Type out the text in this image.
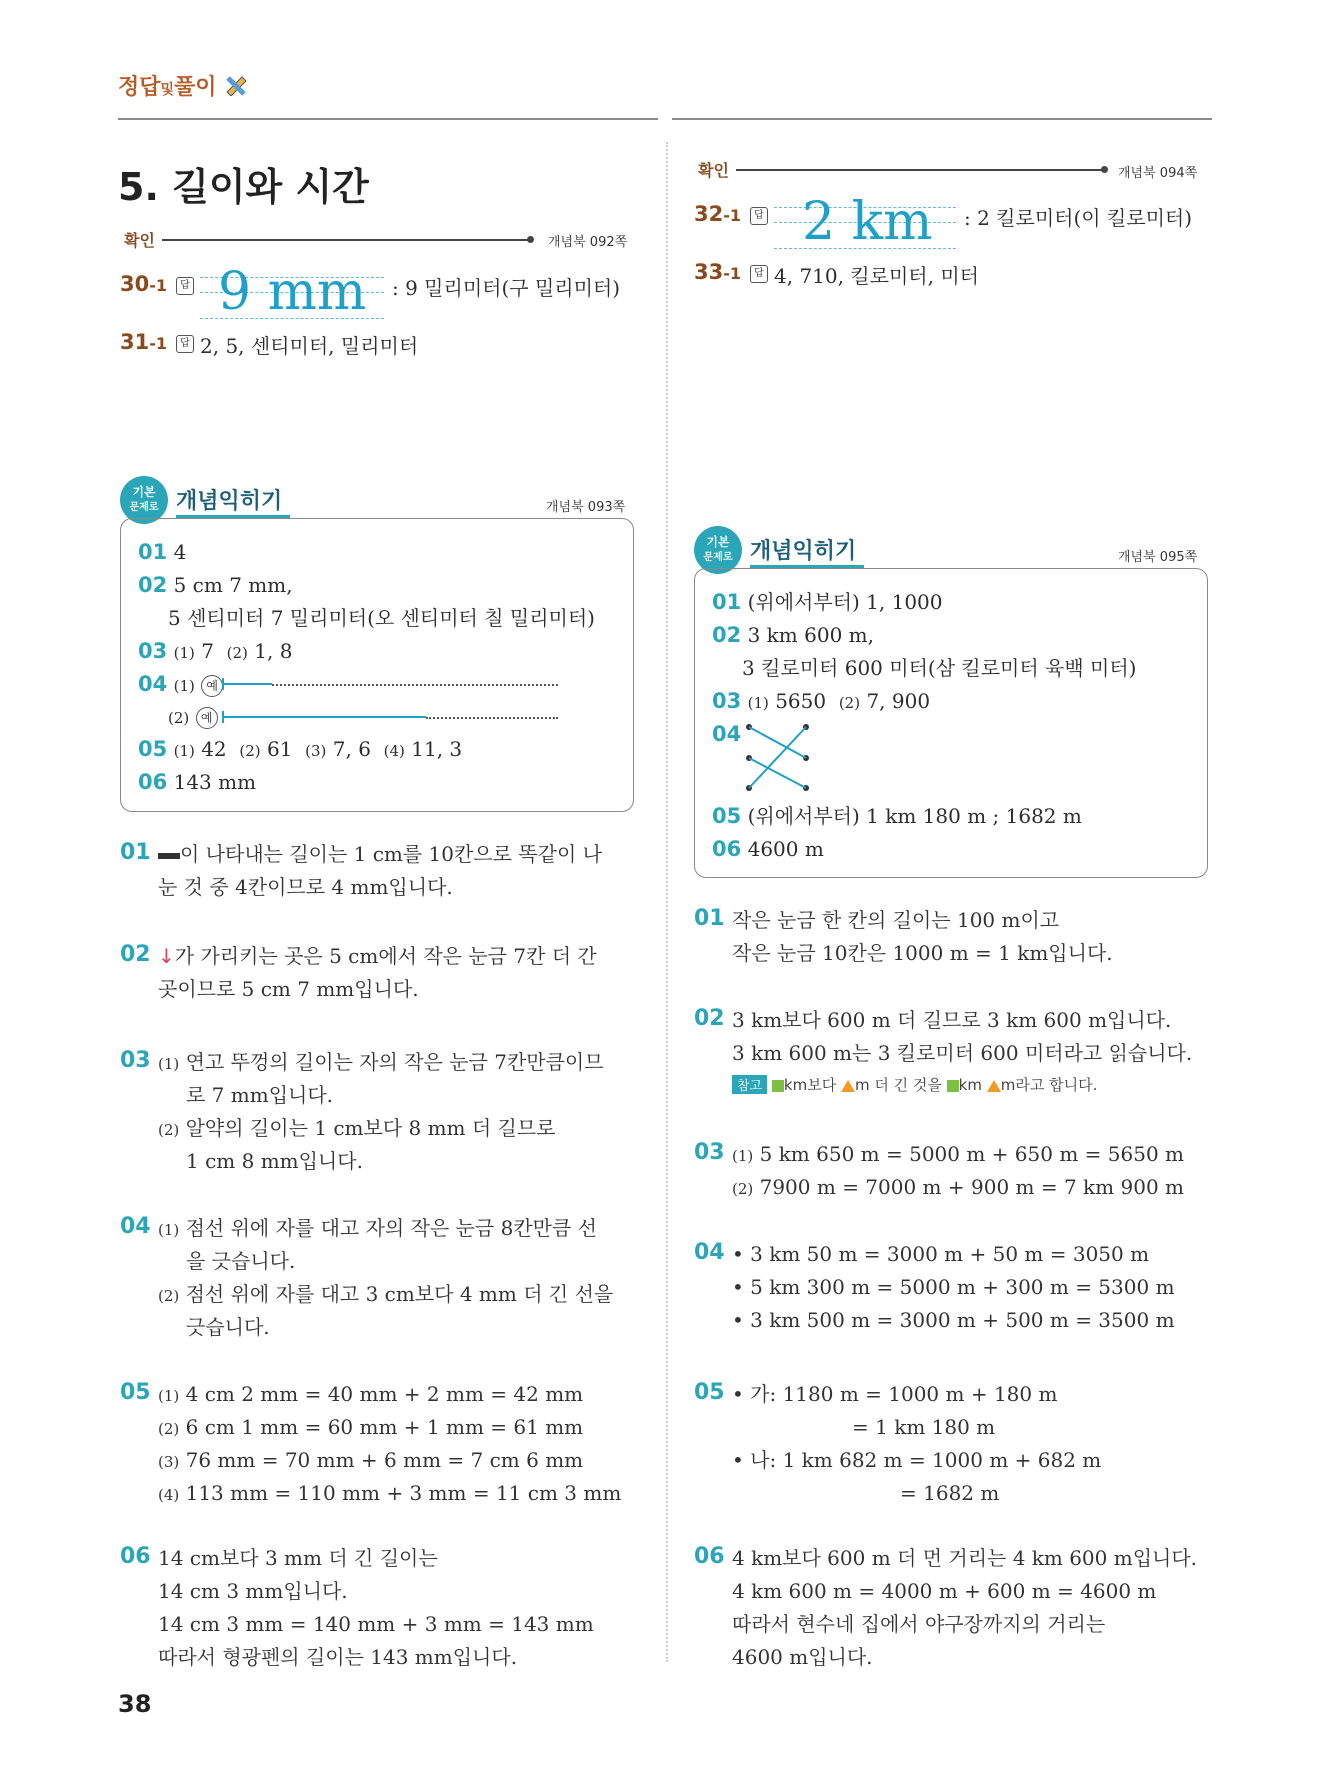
정답및풀이
5. 길이와 시간
확인	개념북 092쪽
30-1	답 9 mm : 9 밀리미터(구 밀리미터)
31-1	답 2, 5, 센티미터, 밀리미터
기본
문제로 개념익히기	개념북 093쪽
01 4
02 5 cm 7 mm,
5 센티미터 7 밀리미터(오 센티미터 칠 밀리미터)
03 (1) 7 (2) 1, 8
04 (1) 예
(2) 예
05 (1) 42 (2) 61 (3) 7, 6 (4) 11, 3
06 143 mm
01	이 나타내는 길이는 1 cm를 10칸으로 똑같이 나
눈 것 중 4칸이므로 4 mm입니다.
02 ↓가 가리키는 곳은 5 cm에서 작은 눈금 7칸 더 간
곳이므로 5 cm 7 mm입니다.
03 (1) 연고 뚜껑의 길이는 자의 작은 눈금 7칸만큼이므
로 7 mm입니다.
(2) 알약의 길이는 1 cm보다 8 mm 더 길므로
1 cm 8 mm입니다.
04 (1) 점선 위에 자를 대고 자의 작은 눈금 8칸만큼 선
을 긋습니다.
(2) 점선 위에 자를 대고 3 cm보다 4 mm 더 긴 선을
긋습니다.
05 (1) 4 cm 2 mm = 40 mm + 2 mm = 42 mm
(2) 6 cm 1 mm = 60 mm + 1 mm = 61 mm
(3) 76 mm = 70 mm + 6 mm = 7 cm 6 mm
(4) 113 mm = 110 mm + 3 mm = 11 cm 3 mm
06 14 cm보다 3 mm 더 긴 길이는
14 cm 3 mm입니다.
14 cm 3 mm = 140 mm + 3 mm = 143 mm
따라서 형광펜의 길이는 143 mm입니다.
확인	개념북 094쪽
32-1	답 2 km : 2 킬로미터(이 킬로미터)
33-1	답 4, 710, 킬로미터, 미터
기본
문제로 개념익히기	개념북 095쪽
01 (위에서부터) 1, 1000
02 3 km 600 m,
3 킬로미터 600 미터(삼 킬로미터 육백 미터)
03 (1) 5650 (2) 7, 900
04
05 (위에서부터) 1 km 180 m ; 1682 m
06 4600 m
01 작은 눈금 한 칸의 길이는 100 m이고
작은 눈금 10칸은 1000 m = 1 km입니다.
02 3 km보다 600 m 더 길므로 3 km 600 m입니다.
3 km 600 m는 3 킬로미터 600 미터라고 읽습니다.
참고 km보다 m 더 긴 것을 km m라고 합니다.
03 (1) 5 km 650 m = 5000 m + 650 m = 5650 m
(2) 7900 m = 7000 m + 900 m = 7 km 900 m
04 • 3 km 50 m = 3000 m + 50 m = 3050 m
• 5 km 300 m = 5000 m + 300 m = 5300 m
• 3 km 500 m = 3000 m + 500 m = 3500 m
05 • 가: 1180 m = 1000 m + 180 m
= 1 km 180 m
• 나: 1 km 682 m = 1000 m + 682 m
= 1682 m
06 4 km보다 600 m 더 먼 거리는 4 km 600 m입니다.
4 km 600 m = 4000 m + 600 m = 4600 m
따라서 현수네 집에서 야구장까지의 거리는
4600 m입니다.
38
